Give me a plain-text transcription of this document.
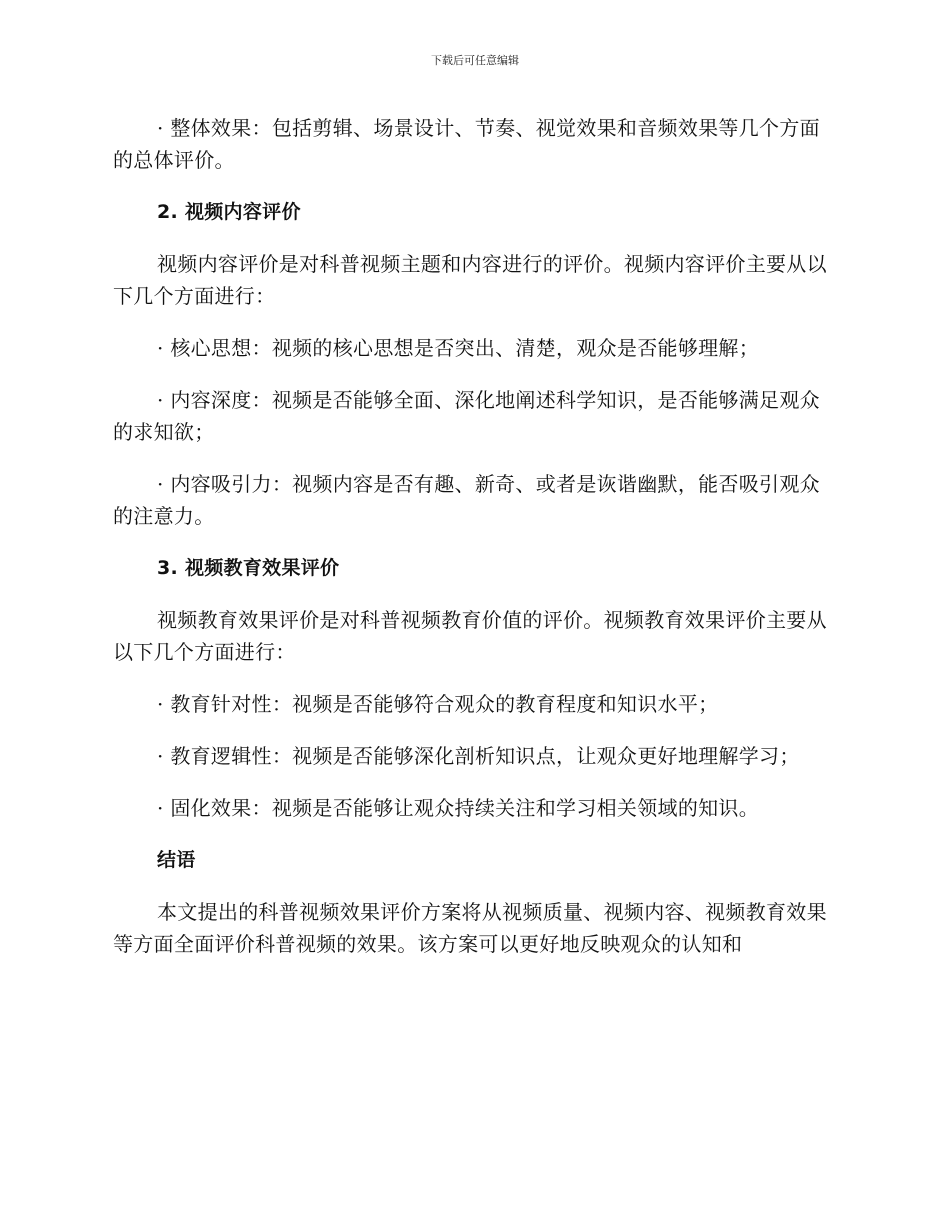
下载后可任意编辑

· 整体效果：包括剪辑、场景设计、节奏、视觉效果和音频效果等几个方面的总体评价。

2. 视频内容评价

视频内容评价是对科普视频主题和内容进行的评价。视频内容评价主要从以下几个方面进行：

· 核心思想：视频的核心思想是否突出、清楚，观众是否能够理解；

· 内容深度：视频是否能够全面、深化地阐述科学知识，是否能够满足观众的求知欲；

· 内容吸引力：视频内容是否有趣、新奇、或者是诙谐幽默，能否吸引观众的注意力。

3. 视频教育效果评价

视频教育效果评价是对科普视频教育价值的评价。视频教育效果评价主要从以下几个方面进行：

· 教育针对性：视频是否能够符合观众的教育程度和知识水平；

· 教育逻辑性：视频是否能够深化剖析知识点，让观众更好地理解学习；

· 固化效果：视频是否能够让观众持续关注和学习相关领域的知识。

结语

本文提出的科普视频效果评价方案将从视频质量、视频内容、视频教育效果等方面全面评价科普视频的效果。该方案可以更好地反映观众的认知和
